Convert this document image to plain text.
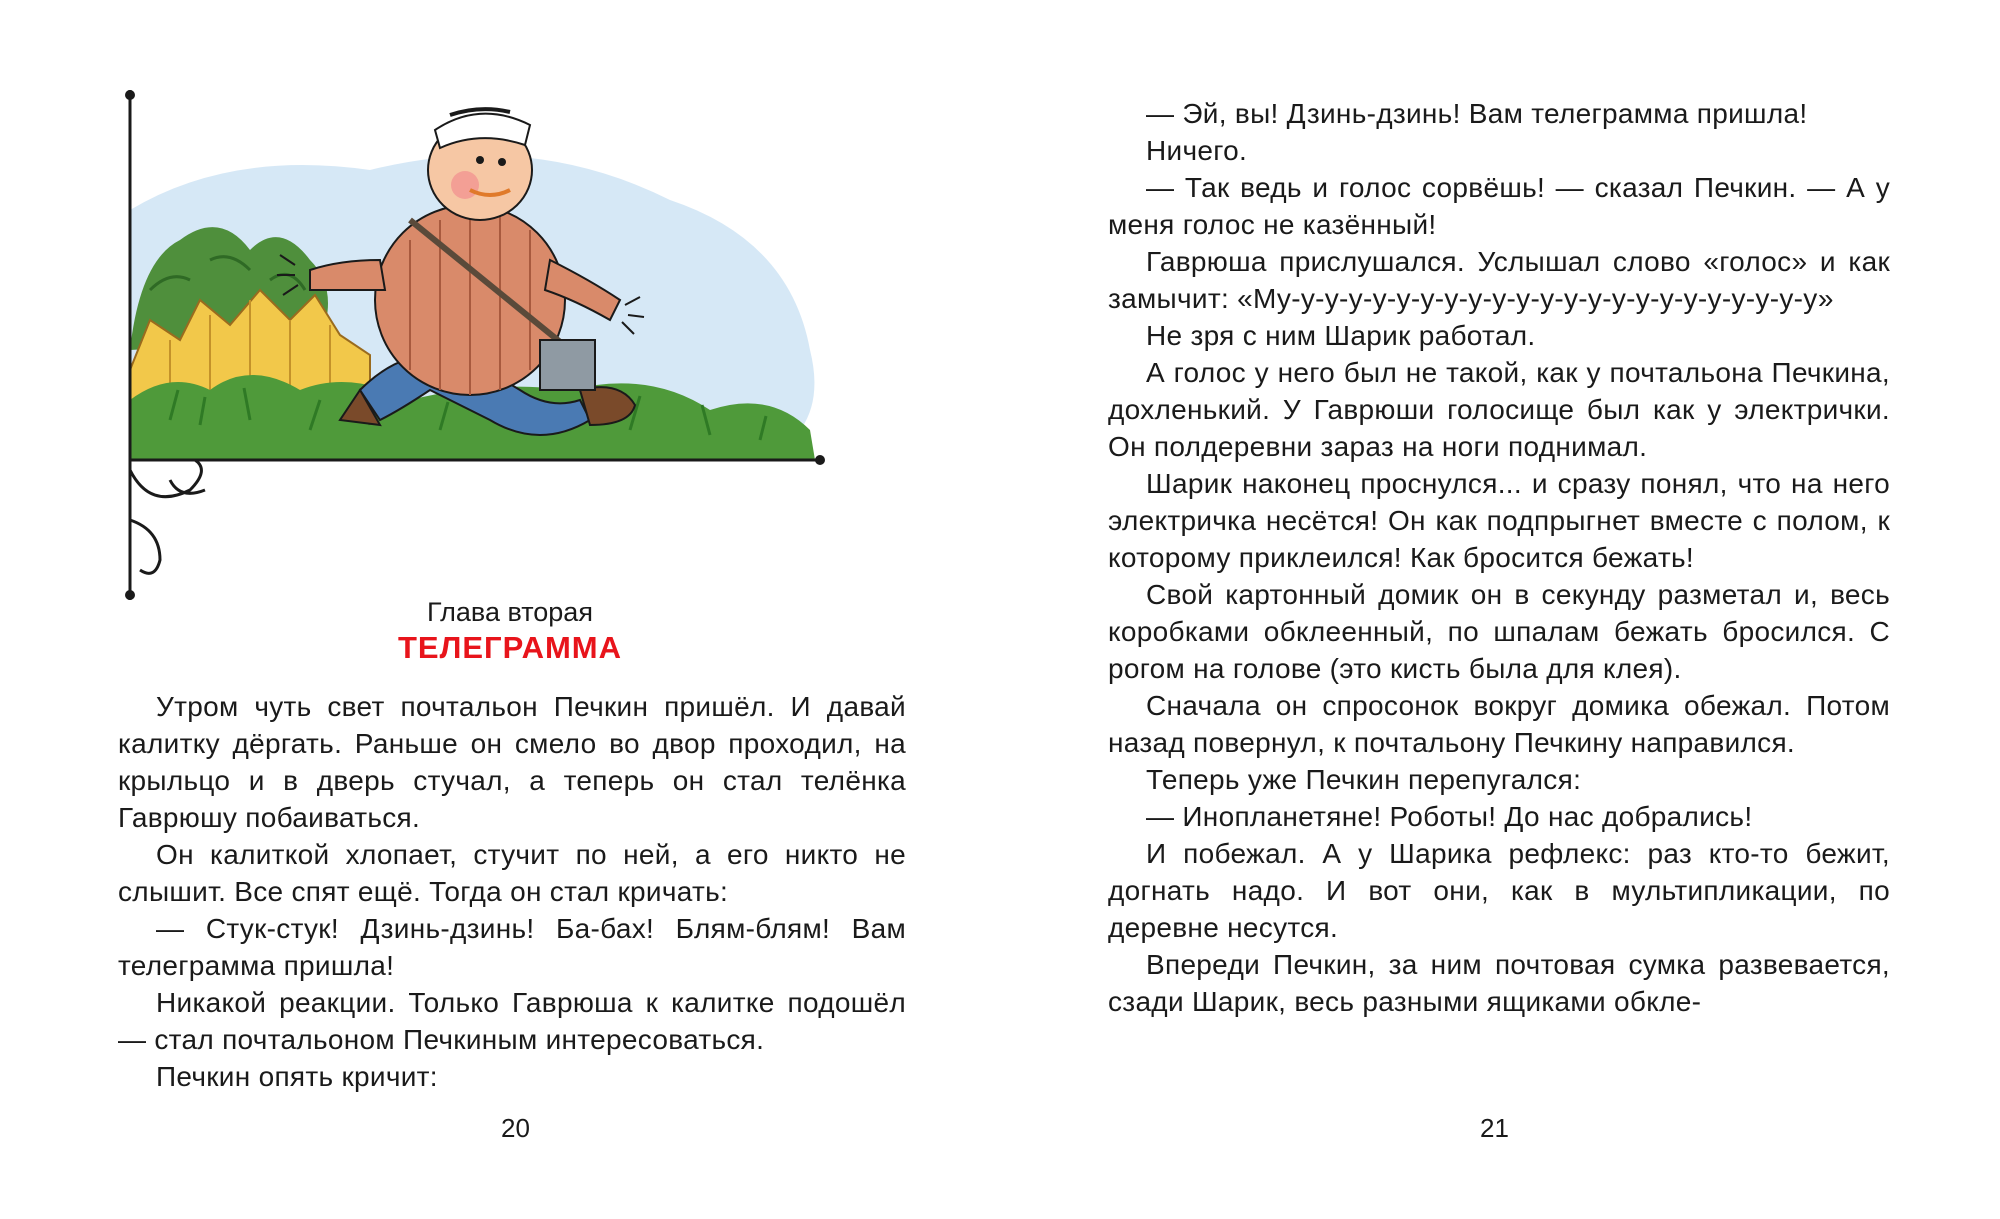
Глава вторая
ТЕЛЕГРАММА

Утром чуть свет почтальон Печкин пришёл. И давай калитку дёргать. Раньше он смело во двор проходил, на крыльцо и в дверь стучал, а теперь он стал телёнка Гаврюшу побаиваться.

Он калиткой хлопает, стучит по ней, а его никто не слышит. Все спят ещё. Тогда он стал кричать:

— Стук-стук! Дзинь-дзинь! Ба-бах! Блям-блям! Вам телеграмма пришла!

Никакой реакции. Только Гаврюша к калитке подошёл — стал почтальоном Печкиным интересоваться.

Печкин опять кричит:

20

— Эй, вы! Дзинь-дзинь! Вам телеграмма пришла!

Ничего.

— Так ведь и голос сорвёшь! — сказал Печкин. — А у меня голос не казённый!

Гаврюша прислушался. Услышал слово «голос» и как замычит: «Му-у-у-у-у-у-у-у-у-у-у-у-у-у-у-у-у-у-у-у-у-у-у»

Не зря с ним Шарик работал.

А голос у него был не такой, как у почтальона Печкина, дохленький. У Гаврюши голосище был как у электрички. Он полдеревни зараз на ноги поднимал.

Шарик наконец проснулся... и сразу понял, что на него электричка несётся! Он как подпрыгнет вместе с полом, к которому приклеился! Как бросится бежать!

Свой картонный домик он в секунду разметал и, весь коробками обклеенный, по шпалам бежать бросился. С рогом на голове (это кисть была для клея).

Сначала он спросонок вокруг домика обежал. Потом назад повернул, к почтальону Печкину направился.

Теперь уже Печкин перепугался:

— Инопланетяне! Роботы! До нас добрались!

И побежал. А у Шарика рефлекс: раз кто-то бежит, догнать надо. И вот они, как в мультипликации, по деревне несутся.

Впереди Печкин, за ним почтовая сумка развевается, сзади Шарик, весь разными ящиками обкле-

21
